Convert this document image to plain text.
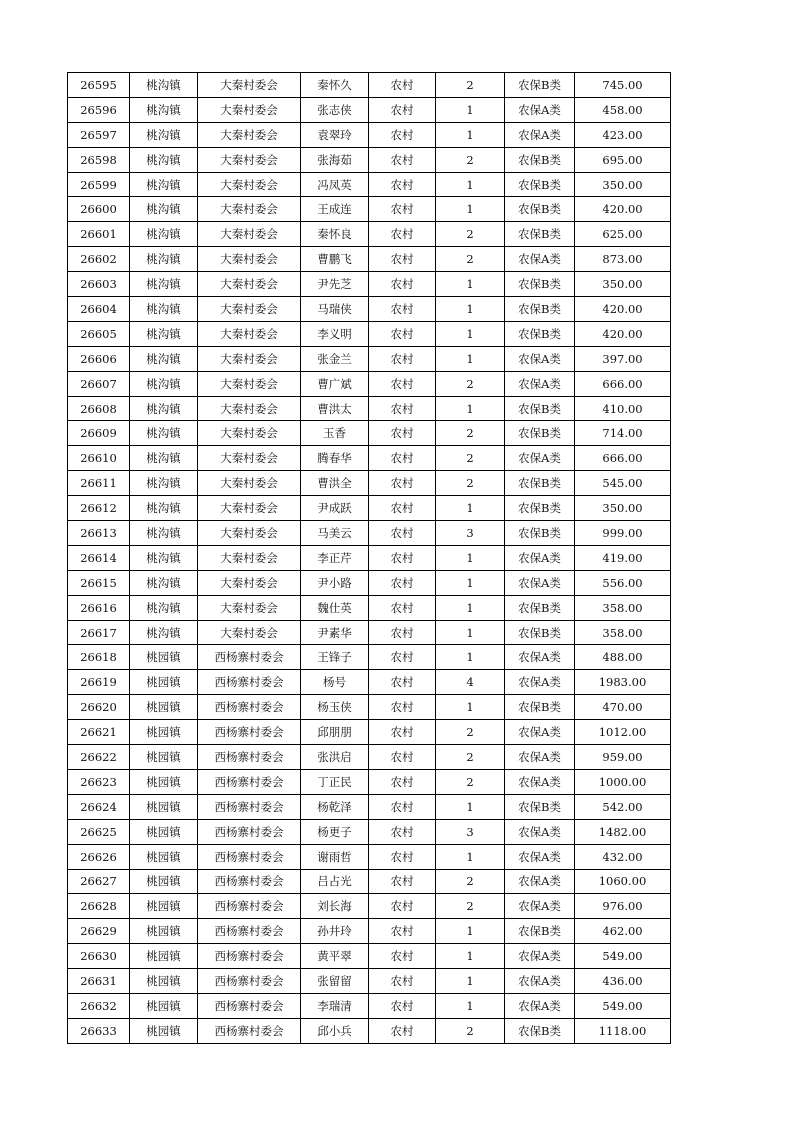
26595	桃沟镇	大秦村委会	秦怀久	农村	2	农保B类	745.00
26596	桃沟镇	大秦村委会	张志侠	农村	1	农保A类	458.00
26597	桃沟镇	大秦村委会	袁翠玲	农村	1	农保A类	423.00
26598	桃沟镇	大秦村委会	张海茹	农村	2	农保B类	695.00
26599	桃沟镇	大秦村委会	冯凤英	农村	1	农保B类	350.00
26600	桃沟镇	大秦村委会	王成连	农村	1	农保B类	420.00
26601	桃沟镇	大秦村委会	秦怀良	农村	2	农保B类	625.00
26602	桃沟镇	大秦村委会	曹鹏飞	农村	2	农保A类	873.00
26603	桃沟镇	大秦村委会	尹先芝	农村	1	农保B类	350.00
26604	桃沟镇	大秦村委会	马瑞侠	农村	1	农保B类	420.00
26605	桃沟镇	大秦村委会	李义明	农村	1	农保B类	420.00
26606	桃沟镇	大秦村委会	张金兰	农村	1	农保A类	397.00
26607	桃沟镇	大秦村委会	曹广斌	农村	2	农保A类	666.00
26608	桃沟镇	大秦村委会	曹洪太	农村	1	农保B类	410.00
26609	桃沟镇	大秦村委会	玉香	农村	2	农保B类	714.00
26610	桃沟镇	大秦村委会	腾春华	农村	2	农保A类	666.00
26611	桃沟镇	大秦村委会	曹洪全	农村	2	农保B类	545.00
26612	桃沟镇	大秦村委会	尹成跃	农村	1	农保B类	350.00
26613	桃沟镇	大秦村委会	马美云	农村	3	农保B类	999.00
26614	桃沟镇	大秦村委会	李正芹	农村	1	农保A类	419.00
26615	桃沟镇	大秦村委会	尹小路	农村	1	农保A类	556.00
26616	桃沟镇	大秦村委会	魏仕英	农村	1	农保B类	358.00
26617	桃沟镇	大秦村委会	尹素华	农村	1	农保B类	358.00
26618	桃园镇	西杨寨村委会	王锋子	农村	1	农保A类	488.00
26619	桃园镇	西杨寨村委会	杨号	农村	4	农保A类	1983.00
26620	桃园镇	西杨寨村委会	杨玉侠	农村	1	农保B类	470.00
26621	桃园镇	西杨寨村委会	邱朋朋	农村	2	农保A类	1012.00
26622	桃园镇	西杨寨村委会	张洪启	农村	2	农保A类	959.00
26623	桃园镇	西杨寨村委会	丁正民	农村	2	农保A类	1000.00
26624	桃园镇	西杨寨村委会	杨乾泽	农村	1	农保B类	542.00
26625	桃园镇	西杨寨村委会	杨更子	农村	3	农保A类	1482.00
26626	桃园镇	西杨寨村委会	谢雨哲	农村	1	农保A类	432.00
26627	桃园镇	西杨寨村委会	吕占光	农村	2	农保A类	1060.00
26628	桃园镇	西杨寨村委会	刘长海	农村	2	农保A类	976.00
26629	桃园镇	西杨寨村委会	孙井玲	农村	1	农保B类	462.00
26630	桃园镇	西杨寨村委会	黄平翠	农村	1	农保A类	549.00
26631	桃园镇	西杨寨村委会	张留留	农村	1	农保A类	436.00
26632	桃园镇	西杨寨村委会	李瑞清	农村	1	农保A类	549.00
26633	桃园镇	西杨寨村委会	邱小兵	农村	2	农保B类	1118.00
